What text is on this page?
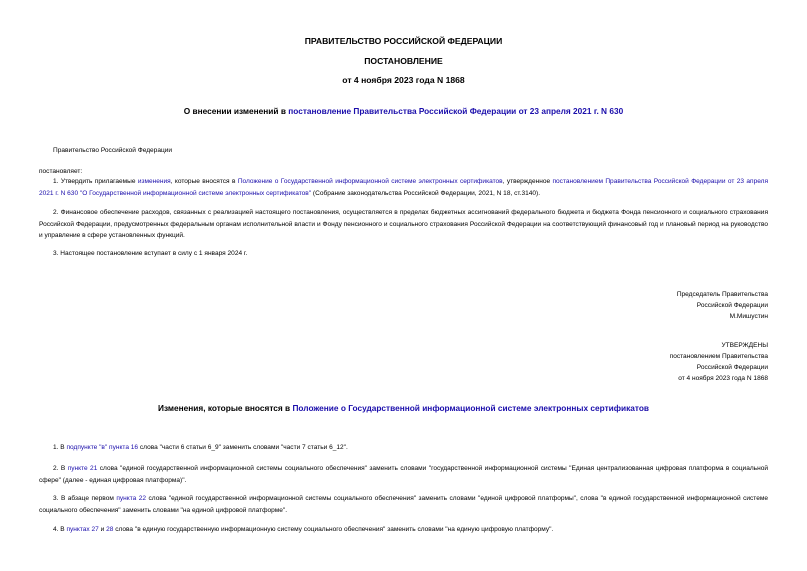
ПРАВИТЕЛЬСТВО РОССИЙСКОЙ ФЕДЕРАЦИИ
ПОСТАНОВЛЕНИЕ
от 4 ноября 2023 года N 1868
О внесении изменений в постановление Правительства Российской Федерации от 23 апреля 2021 г. N 630
Правительство Российской Федерации
постановляет:
1. Утвердить прилагаемые изменения, которые вносятся в Положение о Государственной информационной системе электронных сертификатов, утвержденное постановлением Правительства Российской Федерации от 23 апреля 2021 г. N 630 "О Государственной информационной системе электронных сертификатов" (Собрание законодательства Российской Федерации, 2021, N 18, ст.3140).
2. Финансовое обеспечение расходов, связанных с реализацией настоящего постановления, осуществляется в пределах бюджетных ассигнований федерального бюджета и бюджета Фонда пенсионного и социального страхования Российской Федерации, предусмотренных федеральным органам исполнительной власти и Фонду пенсионного и социального страхования Российской Федерации на соответствующий финансовый год и плановый период на руководство и управление в сфере установленных функций.
3. Настоящее постановление вступает в силу с 1 января 2024 г.
Председатель Правительства
Российской Федерации
М.Мишустин
УТВЕРЖДЕНЫ
постановлением Правительства
Российской Федерации
от 4 ноября 2023 года N 1868
Изменения, которые вносятся в Положение о Государственной информационной системе электронных сертификатов
1. В подпункте "в" пункта 16 слова "части 6 статьи 6_9" заменить словами "части 7 статьи 6_12".
2. В пункте 21 слова "единой государственной информационной системы социального обеспечения" заменить словами "государственной информационной системы "Единая централизованная цифровая платформа в социальной сфере" (далее - единая цифровая платформа)".
3. В абзаце первом пункта 22 слова "единой государственной информационной системы социального обеспечения" заменить словами "единой цифровой платформы", слова "в единой государственной информационной системе социального обеспечения" заменить словами "на единой цифровой платформе".
4. В пунктах 27 и 28 слова "в единую государственную информационную систему социального обеспечения" заменить словами "на единую цифровую платформу".
